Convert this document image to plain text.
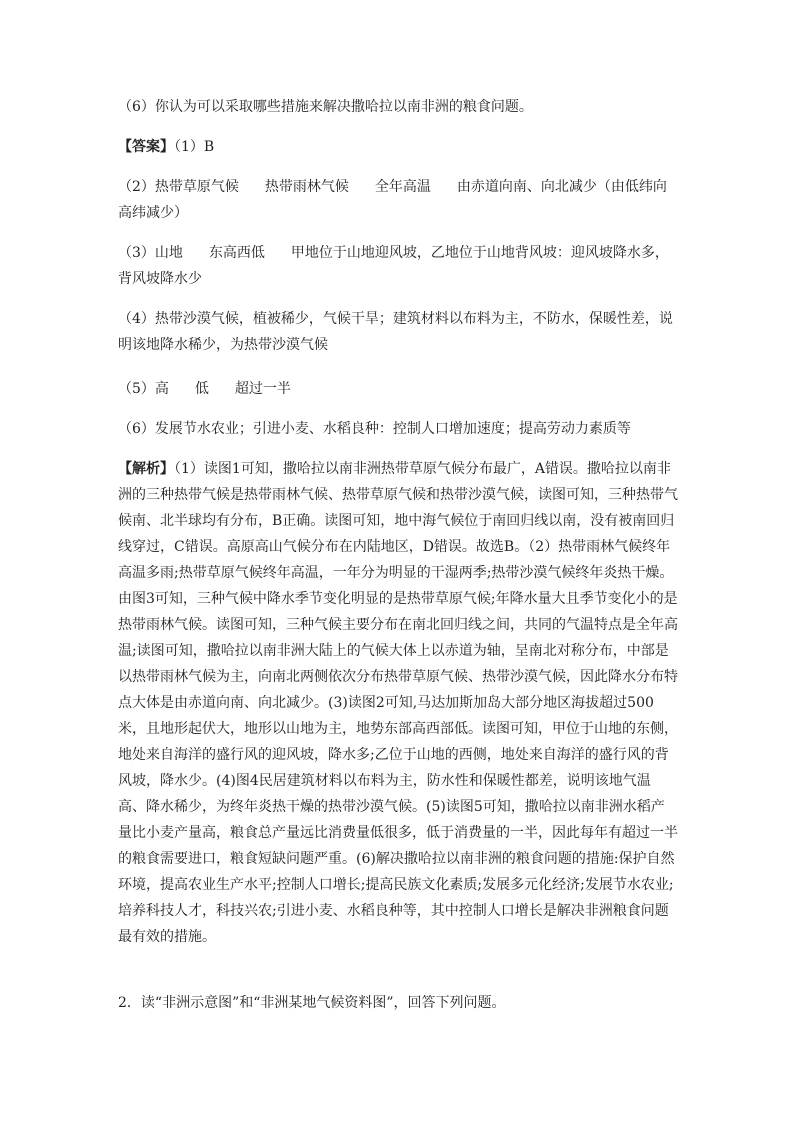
（6）你认为可以采取哪些措施来解决撒哈拉以南非洲的粮食问题。

【答案】（1）B

（2）热带草原气候 热带雨林气候 全年高温 由赤道向南、向北减少（由低纬向高纬减少）

（3）山地 东高西低 甲地位于山地迎风坡，乙地位于山地背风坡：迎风坡降水多，背风坡降水少

（4）热带沙漠气候，植被稀少，气候干旱；建筑材料以布料为主，不防水，保暖性差，说明该地降水稀少，为热带沙漠气候

（5）高 低 超过一半

（6）发展节水农业；引进小麦、水稻良种：控制人口增加速度；提高劳动力素质等

【解析】（1）读图1可知，撒哈拉以南非洲热带草原气候分布最广，A错误。撒哈拉以南非洲的三种热带气候是热带雨林气候、热带草原气候和热带沙漠气候，读图可知，三种热带气候南、北半球均有分布，B正确。读图可知，地中海气候位于南回归线以南，没有被南回归线穿过，C错误。高原高山气候分布在内陆地区，D错误。故选B。（2）热带雨林气候终年高温多雨;热带草原气候终年高温，一年分为明显的干湿两季;热带沙漠气候终年炎热干燥。由图3可知，三种气候中降水季节变化明显的是热带草原气候;年降水量大且季节变化小的是热带雨林气候。读图可知，三种气候主要分布在南北回归线之间，共同的气温特点是全年高温;读图可知，撒哈拉以南非洲大陆上的气候大体上以赤道为轴，呈南北对称分布，中部是以热带雨林气候为主，向南北两侧依次分布热带草原气候、热带沙漠气候，因此降水分布特点大体是由赤道向南、向北减少。(3)读图2可知,马达加斯加岛大部分地区海拔超过500米，且地形起伏大，地形以山地为主，地势东部高西部低。读图可知，甲位于山地的东侧，地处来自海洋的盛行风的迎风坡，降水多;乙位于山地的西侧，地处来自海洋的盛行风的背风坡，降水少。(4)图4民居建筑材料以布料为主，防水性和保暖性都差，说明该地气温高、降水稀少，为终年炎热干燥的热带沙漠气候。(5)读图5可知，撒哈拉以南非洲水稻产量比小麦产量高，粮食总产量远比消费量低很多，低于消费量的一半，因此每年有超过一半的粮食需要进口，粮食短缺问题严重。(6)解决撒哈拉以南非洲的粮食问题的措施:保护自然环境，提高农业生产水平;控制人口增长;提高民族文化素质;发展多元化经济;发展节水农业;培养科技人才，科技兴农;引进小麦、水稻良种等，其中控制人口增长是解决非洲粮食问题最有效的措施。

2．读“非洲示意图”和“非洲某地气候资料图”，回答下列问题。
